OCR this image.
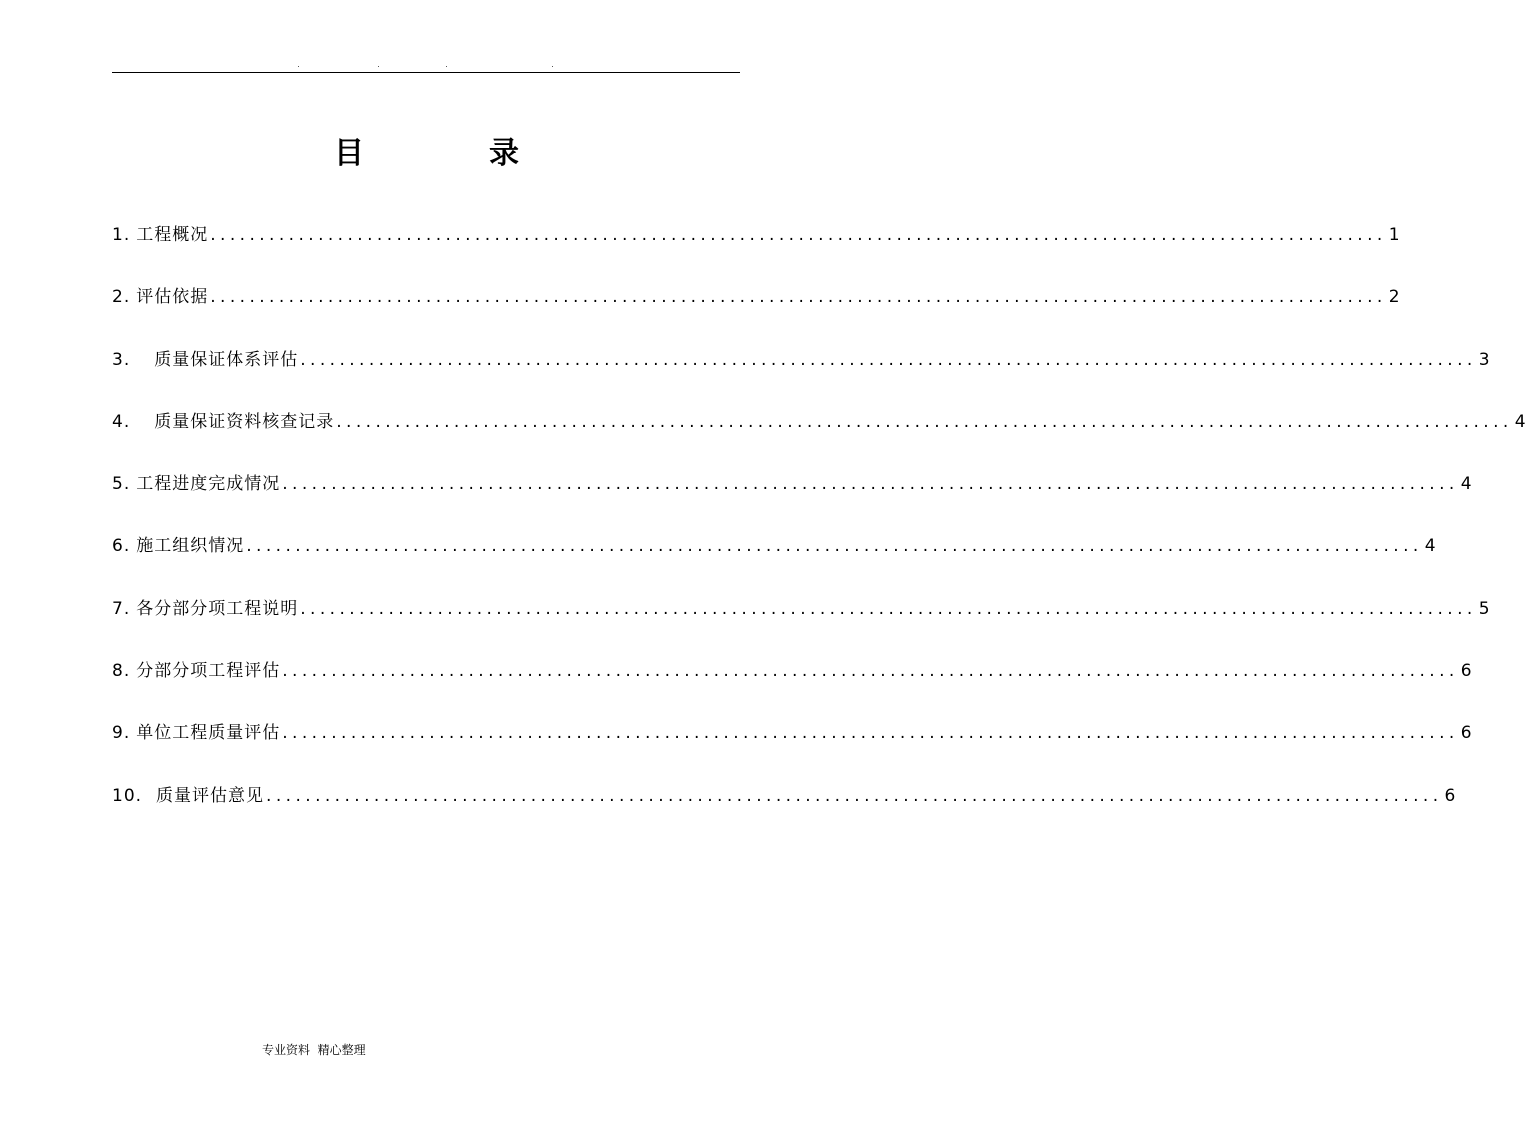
目	录
1. 工程概况 ........................................................................................................................ 1
2. 评估依据 ........................................................................................................................ 2
3. 质量保证体系评估 ........................................................................................................................ 3
4. 质量保证资料核查记录 ........................................................................................................................ 4
5. 工程进度完成情况 ........................................................................................................................ 4
6. 施工组织情况 ........................................................................................................................ 4
7. 各分部分项工程说明 ........................................................................................................................ 5
8. 分部分项工程评估 ........................................................................................................................ 6
9. 单位工程质量评估 ........................................................................................................................ 6
10. 质量评估意见 ........................................................................................................................ 6
专业资料  精心整理
